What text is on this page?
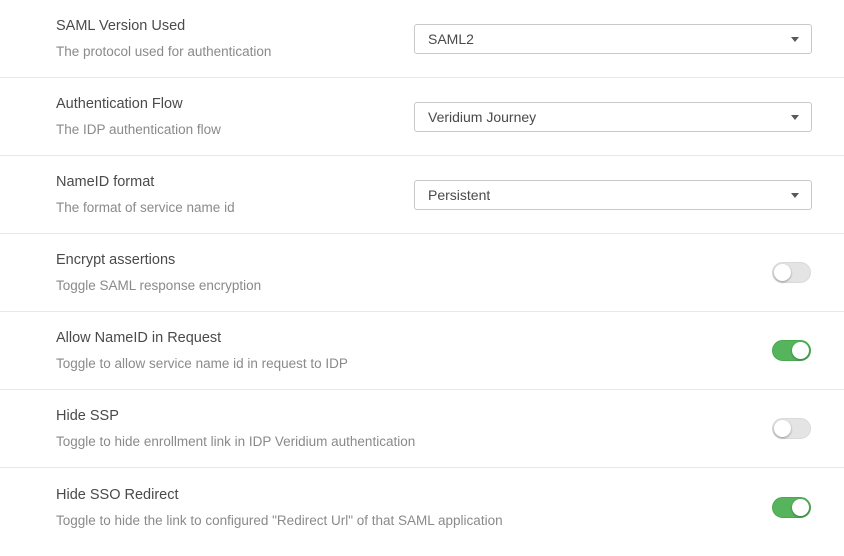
SAML Version Used
The protocol used for authentication
SAML2
Authentication Flow
The IDP authentication flow
Veridium Journey
NameID format
The format of service name id
Persistent
Encrypt assertions
Toggle SAML response encryption
Allow NameID in Request
Toggle to allow service name id in request to IDP
Hide SSP
Toggle to hide enrollment link in IDP Veridium authentication
Hide SSO Redirect
Toggle to hide the link to configured "Redirect Url" of that SAML application
